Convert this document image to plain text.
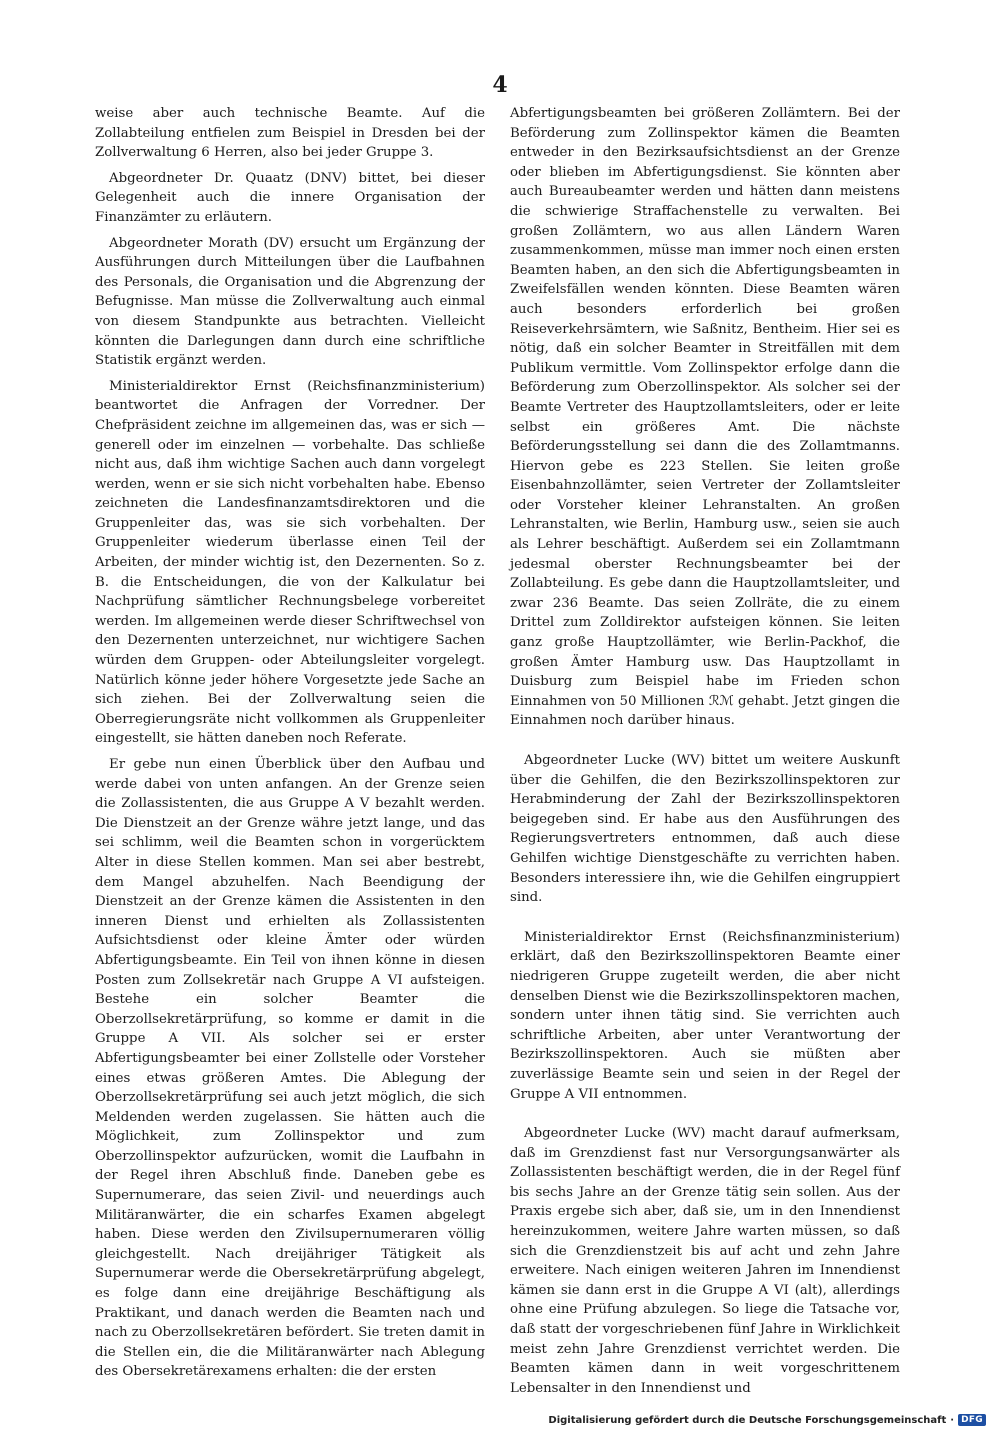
4

weise aber auch technische Beamte. Auf die Zollabteilung entfielen zum Beispiel in Dresden bei der Zollverwaltung 6 Herren, also bei jeder Gruppe 3.

Abgeordneter Dr. Quaatz (DNV) bittet, bei dieser Gelegenheit auch die innere Organisation der Finanzämter zu erläutern.

Abgeordneter Morath (DV) ersucht um Ergänzung der Ausführungen durch Mitteilungen über die Laufbahnen des Personals, die Organisation und die Abgrenzung der Befugnisse. Man müsse die Zollverwaltung auch einmal von diesem Standpunkte aus betrachten. Vielleicht könnten die Darlegungen dann durch eine schriftliche Statistik ergänzt werden.

Ministerialdirektor Ernst (Reichsfinanzministerium) beantwortet die Anfragen der Vorredner. Der Chefpräsident zeichne im allgemeinen das, was er sich — generell oder im einzelnen — vorbehalte. Das schließe nicht aus, daß ihm wichtige Sachen auch dann vorgelegt werden, wenn er sie sich nicht vorbehalten habe. Ebenso zeichneten die Landesfinanzamtsdirektoren und die Gruppenleiter das, was sie sich vorbehalten. Der Gruppenleiter wiederum überlasse einen Teil der Arbeiten, der minder wichtig ist, den Dezernenten. So z. B. die Entscheidungen, die von der Kalkulatur bei Nachprüfung sämtlicher Rechnungsbelege vorbereitet werden. Im allgemeinen werde dieser Schriftwechsel von den Dezernenten unterzeichnet, nur wichtigere Sachen würden dem Gruppen- oder Abteilungsleiter vorgelegt. Natürlich könne jeder höhere Vorgesetzte jede Sache an sich ziehen. Bei der Zollverwaltung seien die Oberregierungsräte nicht vollkommen als Gruppenleiter eingestellt, sie hätten daneben noch Referate.

Er gebe nun einen Überblick über den Aufbau und werde dabei von unten anfangen. An der Grenze seien die Zollassistenten, die aus Gruppe A V bezahlt werden. Die Dienstzeit an der Grenze währe jetzt lange, und das sei schlimm, weil die Beamten schon in vorgerücktem Alter in diese Stellen kommen. Man sei aber bestrebt, dem Mangel abzuhelfen. Nach Beendigung der Dienstzeit an der Grenze kämen die Assistenten in den inneren Dienst und erhielten als Zollassistenten Aufsichtsdienst oder kleine Ämter oder würden Abfertigungsbeamte. Ein Teil von ihnen könne in diesen Posten zum Zollsekretär nach Gruppe A VI aufsteigen. Bestehe ein solcher Beamter die Oberzollsekretärprüfung, so komme er damit in die Gruppe A VII. Als solcher sei er erster Abfertigungsbeamter bei einer Zollstelle oder Vorsteher eines etwas größeren Amtes. Die Ablegung der Oberzollsekretärprüfung sei auch jetzt möglich, die sich Meldenden werden zugelassen. Sie hätten auch die Möglichkeit, zum Zollinspektor und zum Oberzollinspektor aufzurücken, womit die Laufbahn in der Regel ihren Abschluß finde. Daneben gebe es Supernumerare, das seien Zivil- und neuerdings auch Militäranwärter, die ein scharfes Examen abgelegt haben. Diese werden den Zivilsupernumeraren völlig gleichgestellt. Nach dreijähriger Tätigkeit als Supernumerar werde die Obersekretärprüfung abgelegt, es folge dann eine dreijährige Beschäftigung als Praktikant, und danach werden die Beamten nach und nach zu Oberzollsekretären befördert. Sie treten damit in die Stellen ein, die die Militäranwärter nach Ablegung des Obersekretärexamens erhalten: die der ersten

Abfertigungsbeamten bei größeren Zollämtern. Bei der Beförderung zum Zollinspektor kämen die Beamten entweder in den Bezirksaufsichtsdienst an der Grenze oder blieben im Abfertigungsdienst. Sie könnten aber auch Bureaubeamter werden und hätten dann meistens die schwierige Straffachenstelle zu verwalten. Bei großen Zollämtern, wo aus allen Ländern Waren zusammenkommen, müsse man immer noch einen ersten Beamten haben, an den sich die Abfertigungsbeamten in Zweifelsfällen wenden könnten. Diese Beamten wären auch besonders erforderlich bei großen Reiseverkehrsämtern, wie Saßnitz, Bentheim. Hier sei es nötig, daß ein solcher Beamter in Streitfällen mit dem Publikum vermittle. Vom Zollinspektor erfolge dann die Beförderung zum Oberzollinspektor. Als solcher sei der Beamte Vertreter des Hauptzollamtsleiters, oder er leite selbst ein größeres Amt. Die nächste Beförderungsstellung sei dann die des Zollamtmanns. Hiervon gebe es 223 Stellen. Sie leiten große Eisenbahnzollämter, seien Vertreter der Zollamtsleiter oder Vorsteher kleiner Lehranstalten. An großen Lehranstalten, wie Berlin, Hamburg usw., seien sie auch als Lehrer beschäftigt. Außerdem sei ein Zollamtmann jedesmal oberster Rechnungsbeamter bei der Zollabteilung. Es gebe dann die Hauptzollamtsleiter, und zwar 236 Beamte. Das seien Zollräte, die zu einem Drittel zum Zolldirektor aufsteigen können. Sie leiten ganz große Hauptzollämter, wie Berlin-Packhof, die großen Ämter Hamburg usw. Das Hauptzollamt in Duisburg zum Beispiel habe im Frieden schon Einnahmen von 50 Millionen ℛℳ gehabt. Jetzt gingen die Einnahmen noch darüber hinaus.

Abgeordneter Lucke (WV) bittet um weitere Auskunft über die Gehilfen, die den Bezirkszollinspektoren zur Herabminderung der Zahl der Bezirkszollinspektoren beigegeben sind. Er habe aus den Ausführungen des Regierungsvertreters entnommen, daß auch diese Gehilfen wichtige Dienstgeschäfte zu verrichten haben. Besonders interessiere ihn, wie die Gehilfen eingruppiert sind.

Ministerialdirektor Ernst (Reichsfinanzministerium) erklärt, daß den Bezirkszollinspektoren Beamte einer niedrigeren Gruppe zugeteilt werden, die aber nicht denselben Dienst wie die Bezirkszollinspektoren machen, sondern unter ihnen tätig sind. Sie verrichten auch schriftliche Arbeiten, aber unter Verantwortung der Bezirkszollinspektoren. Auch sie müßten aber zuverlässige Beamte sein und seien in der Regel der Gruppe A VII entnommen.

Abgeordneter Lucke (WV) macht darauf aufmerksam, daß im Grenzdienst fast nur Versorgungsanwärter als Zollassistenten beschäftigt werden, die in der Regel fünf bis sechs Jahre an der Grenze tätig sein sollen. Aus der Praxis ergebe sich aber, daß sie, um in den Innendienst hereinzukommen, weitere Jahre warten müssen, so daß sich die Grenzdienstzeit bis auf acht und zehn Jahre erweitere. Nach einigen weiteren Jahren im Innendienst kämen sie dann erst in die Gruppe A VI (alt), allerdings ohne eine Prüfung abzulegen. So liege die Tatsache vor, daß statt der vorgeschriebenen fünf Jahre in Wirklichkeit meist zehn Jahre Grenzdienst verrichtet werden. Die Beamten kämen dann in weit vorgeschrittenem Lebensalter in den Innendienst und

Digitalisierung gefördert durch die Deutsche Forschungsgemeinschaft · DFG
